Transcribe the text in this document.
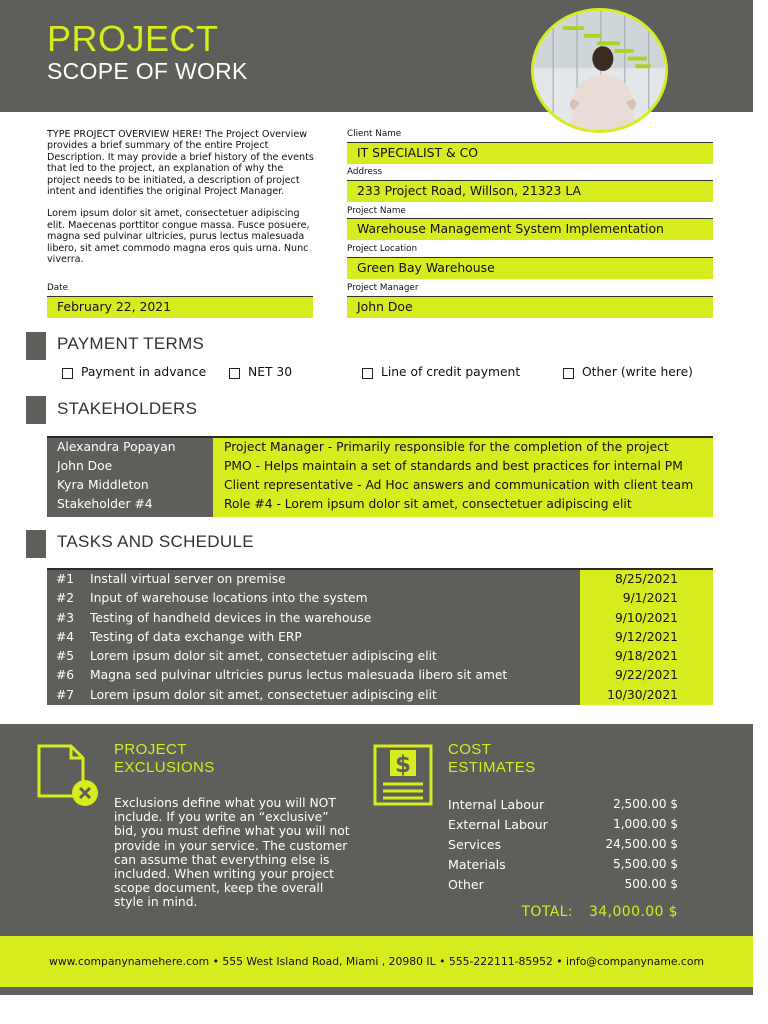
PROJECT
SCOPE OF WORK

TYPE PROJECT OVERVIEW HERE! The Project Overview provides a brief summary of the entire Project Description. It may provide a brief history of the events that led to the project, an explanation of why the project needs to be initiated, a description of project intent and identifies the original Project Manager.

Lorem ipsum dolor sit amet, consectetuer adipiscing elit. Maecenas porttitor congue massa. Fusce posuere, magna sed pulvinar ultricies, purus lectus malesuada libero, sit amet commodo magna eros quis urna. Nunc viverra.

Date
February 22, 2021
Client Name
IT SPECIALIST & CO
Address
233 Project Road, Willson, 21323 LA
Project Name
Warehouse Management System Implementation
Project Location
Green Bay Warehouse
Project Manager
John Doe
PAYMENT TERMS
Payment in advance	NET 30	Line of credit payment	Other (write here)
STAKEHOLDERS
Alexandra Popayan	Project Manager - Primarily responsible for the completion of the project
John Doe	PMO - Helps maintain a set of standards and best practices for internal PM
Kyra Middleton	Client representative - Ad Hoc answers and communication with client team
Stakeholder #4	Role #4 - Lorem ipsum dolor sit amet, consectetuer adipiscing elit
TASKS AND SCHEDULE
#1	Install virtual server on premise	8/25/2021
#2	Input of warehouse locations into the system	9/1/2021
#3	Testing of handheld devices in the warehouse	9/10/2021
#4	Testing of data exchange with ERP	9/12/2021
#5	Lorem ipsum dolor sit amet, consectetuer adipiscing elit	9/18/2021
#6	Magna sed pulvinar ultricies purus lectus malesuada libero sit amet	9/22/2021
#7	Lorem ipsum dolor sit amet, consectetuer adipiscing elit	10/30/2021
PROJECT
EXCLUSIONS
Exclusions define what you will NOT include. If you write an “exclusive” bid, you must define what you will not provide in your service. The customer can assume that everything else is included. When writing your project scope document, keep the overall style in mind.
$
COST
ESTIMATES
Internal Labour	2,500.00 $
External Labour	1,000.00 $
Services	24,500.00 $
Materials	5,500.00 $
Other	500.00 $
TOTAL: 34,000.00 $
www.companynamehere.com • 555 West Island Road, Miami , 20980 IL • 555-222111-85952 • info@companyname.com
